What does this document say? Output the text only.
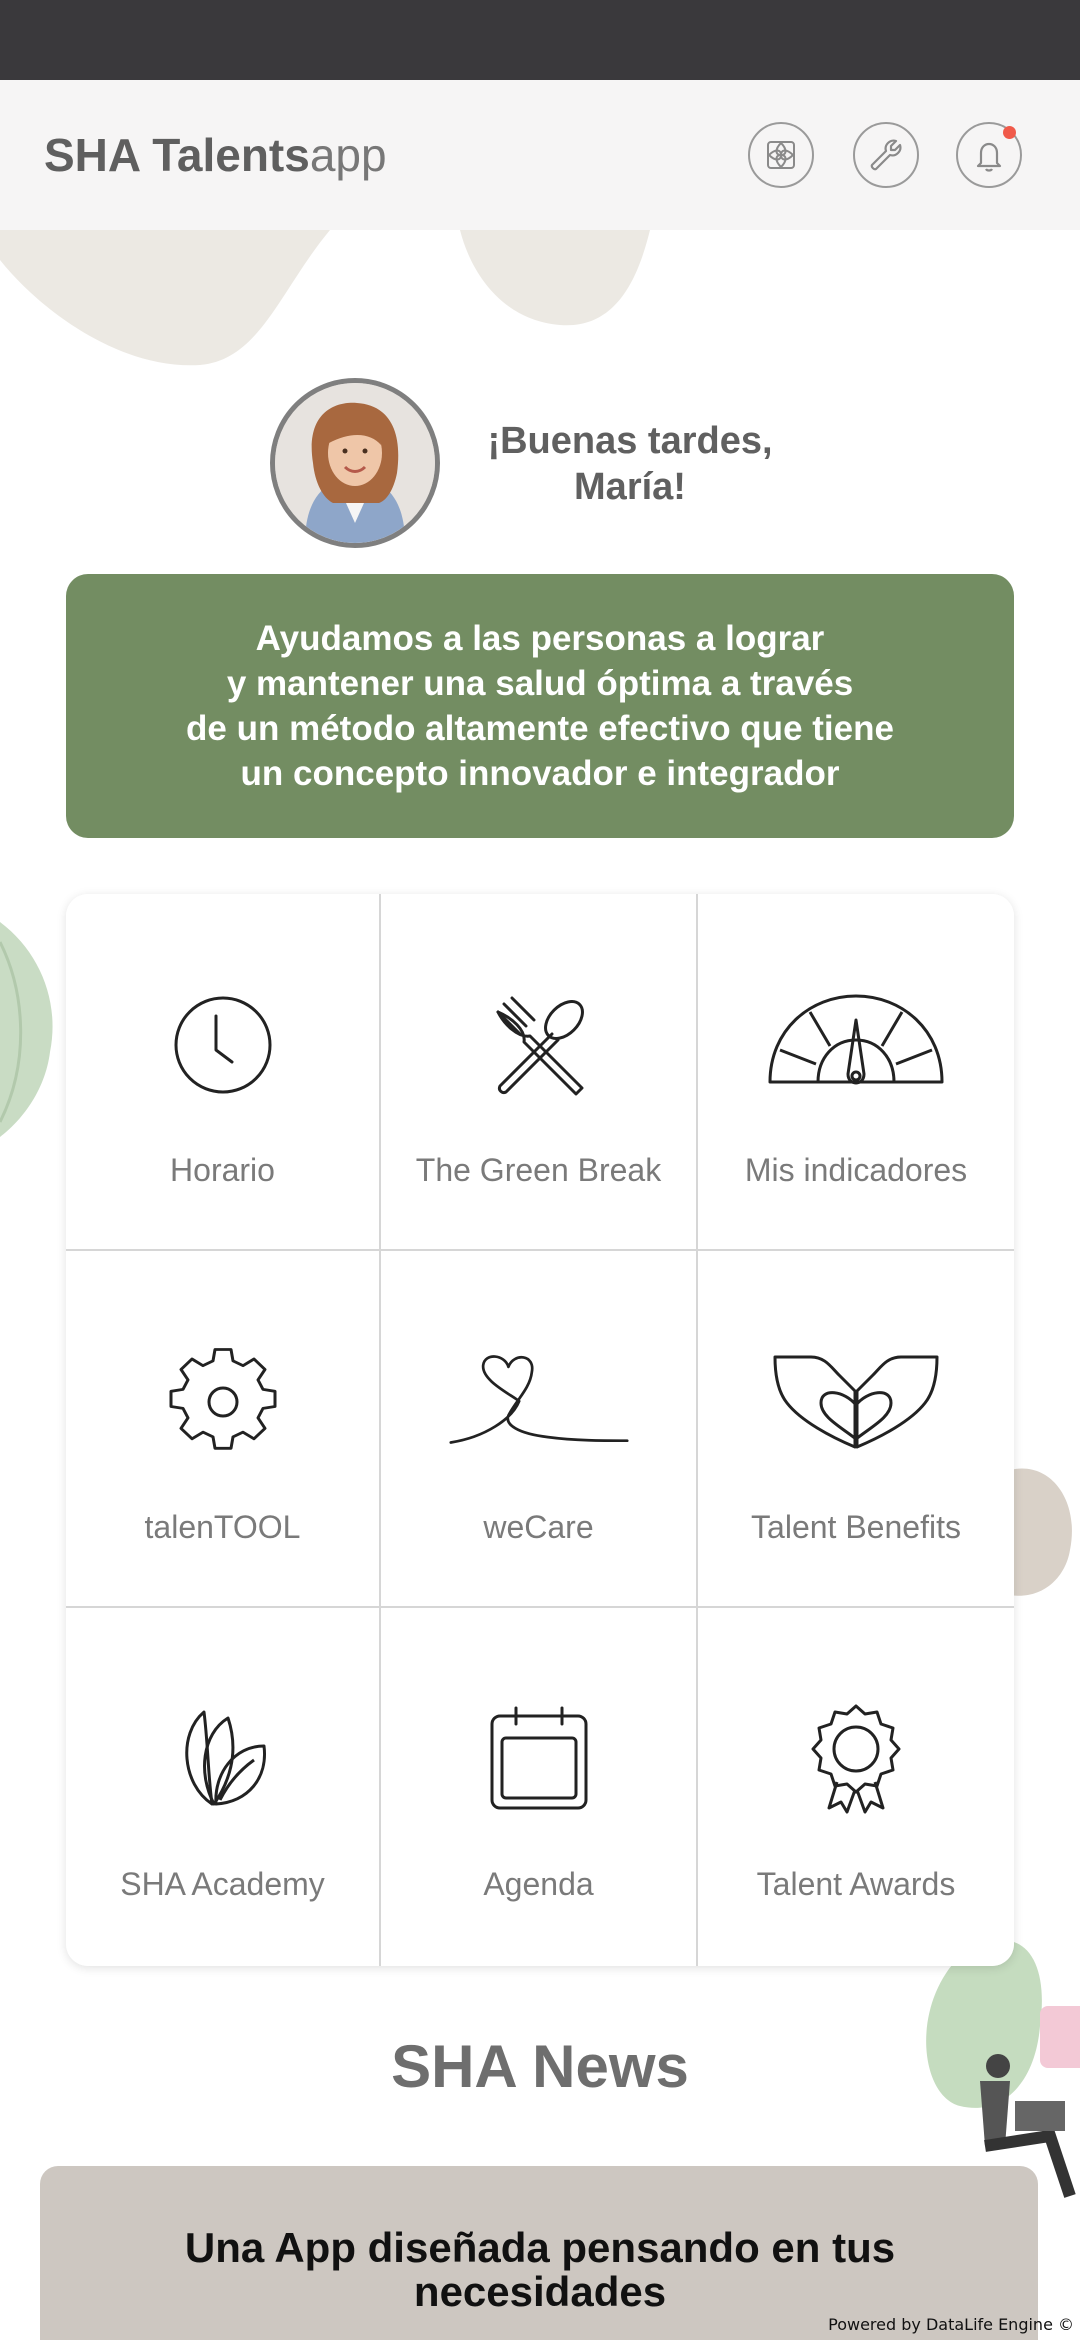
SHA Talentsapp
¡Buenas tardes,
María!
Ayudamos a las personas a lograr
y mantener una salud óptima a través
de un método altamente efectivo que tiene
un concepto innovador e integrador
Horario	The Green Break	Mis indicadores
talenTOOL	weCare	Talent Benefits
SHA Academy	Agenda	Talent Awards
SHA News
Una App diseñada pensando en tus
necesidades
Powered by DataLife Engine ©
